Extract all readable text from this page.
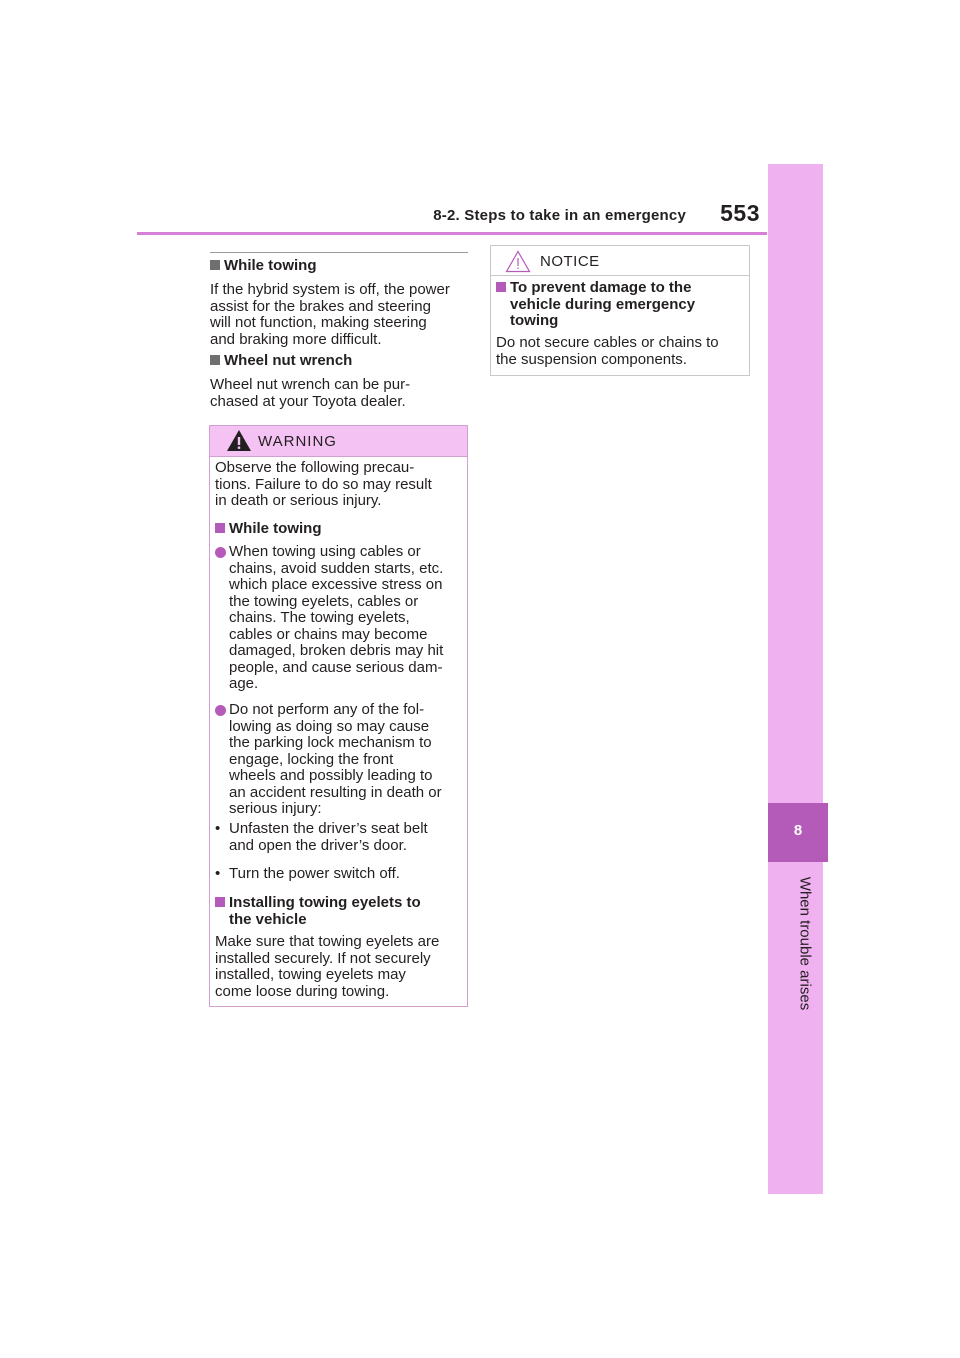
8-2. Steps to take in an emergency	553
8
When trouble arises
While towing
If the hybrid system is off, the power
assist for the brakes and steering
will not function, making steering
and braking more difficult.
Wheel nut wrench
Wheel nut wrench can be pur-
chased at your Toyota dealer.
WARNING
Observe the following precau-
tions. Failure to do so may result
in death or serious injury.
While towing
When towing using cables or
chains, avoid sudden starts, etc.
which place excessive stress on
the towing eyelets, cables or
chains. The towing eyelets,
cables or chains may become
damaged, broken debris may hit
people, and cause serious dam-
age.
Do not perform any of the fol-
lowing as doing so may cause
the parking lock mechanism to
engage, locking the front
wheels and possibly leading to
an accident resulting in death or
serious injury:
• Unfasten the driver’s seat belt
and open the driver’s door.
• Turn the power switch off.
Installing towing eyelets to
the vehicle
Make sure that towing eyelets are
installed securely. If not securely
installed, towing eyelets may
come loose during towing.
NOTICE
To prevent damage to the
vehicle during emergency
towing
Do not secure cables or chains to
the suspension components.
